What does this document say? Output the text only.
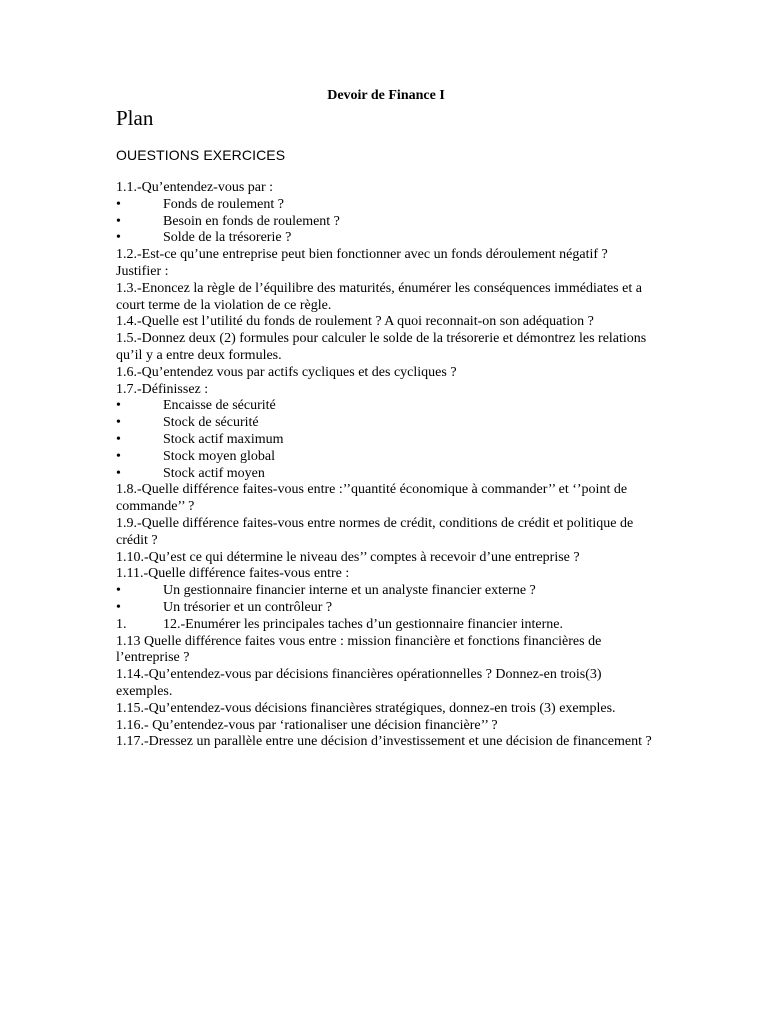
Devoir de Finance I
Plan
OUESTIONS EXERCICES
1.1.-Qu’entendez-vous par :
•	Fonds de roulement ?
•	Besoin en fonds de roulement ?
•	Solde de la trésorerie ?
1.2.-Est-ce qu’une entreprise peut bien fonctionner avec un fonds déroulement négatif ?
Justifier :
1.3.-Enoncez la règle de l’équilibre des maturités, énumérer les conséquences immédiates et a court terme de la violation de ce règle.
1.4.-Quelle est l’utilité du fonds de roulement ? A quoi reconnait-on son adéquation ?
1.5.-Donnez deux (2) formules pour calculer le solde de la trésorerie et démontrez les relations qu’il y a entre deux formules.
1.6.-Qu’entendez vous par actifs cycliques et des cycliques ?
1.7.-Définissez :
•	Encaisse de sécurité
•	Stock de sécurité
•	Stock actif maximum
•	Stock moyen global
•	Stock actif moyen
1.8.-Quelle différence faites-vous entre :’’quantité économique à commander’’ et ‘’point de commande’’ ?
1.9.-Quelle différence faites-vous entre normes de crédit, conditions de crédit et politique de crédit ?
1.10.-Qu’est ce qui détermine le niveau des’’ comptes à recevoir d’une entreprise ?
1.11.-Quelle différence faites-vous entre :
•	Un gestionnaire financier interne et un analyste financier externe ?
•	Un trésorier et un contrôleur ?
1.	12.-Enumérer les principales taches d’un gestionnaire financier interne.
1.13 Quelle différence faites vous entre : mission financière et fonctions financières de l’entreprise ?
1.14.-Qu’entendez-vous par décisions financières opérationnelles ? Donnez-en trois(3) exemples.
1.15.-Qu’entendez-vous décisions financières stratégiques, donnez-en trois (3) exemples.
1.16.- Qu’entendez-vous par ‘rationaliser une décision financière’’ ?
1.17.-Dressez un parallèle entre une décision d’investissement et une décision de financement ?
